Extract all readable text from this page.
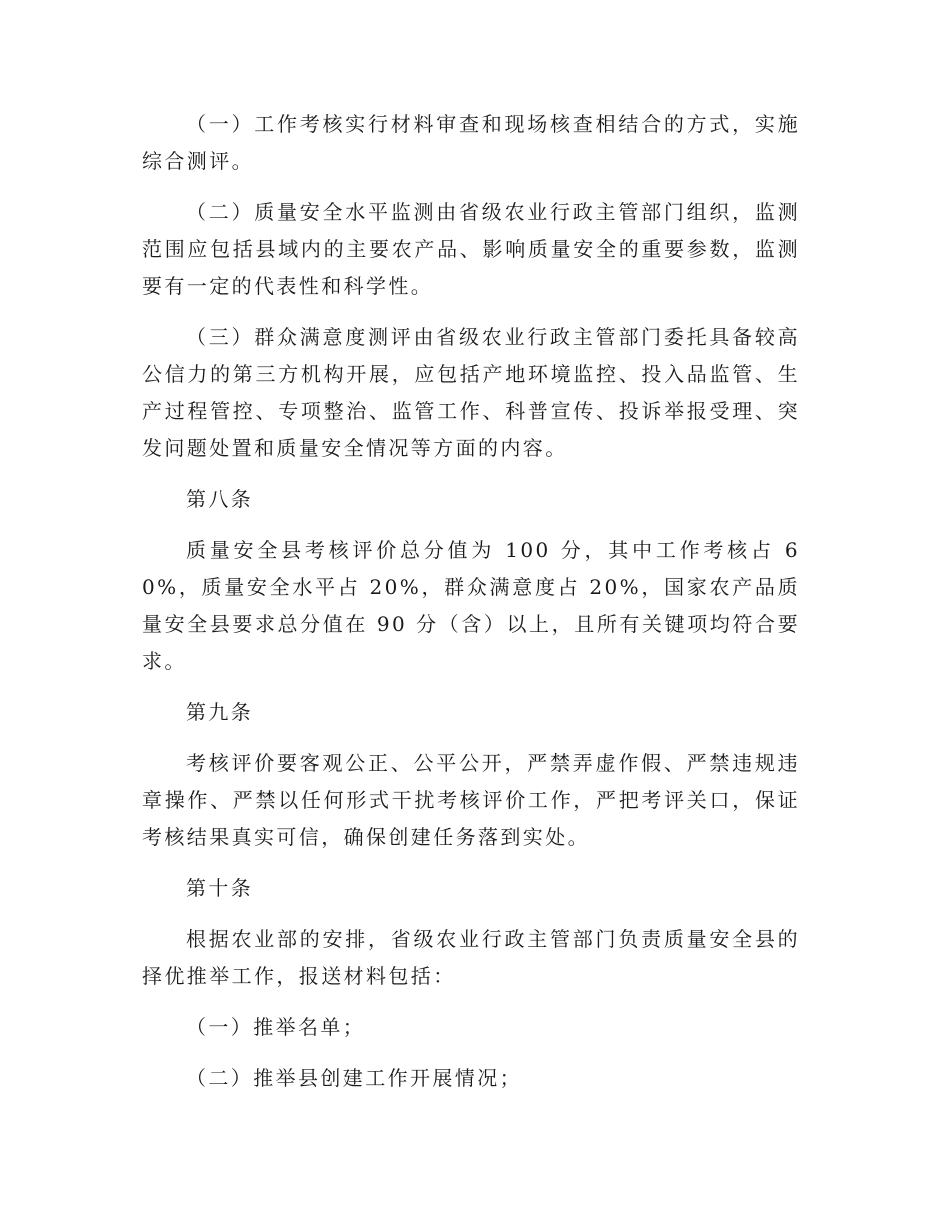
（一）工作考核实行材料审查和现场核查相结合的方式，实施综合测评。

（二）质量安全水平监测由省级农业行政主管部门组织，监测范围应包括县域内的主要农产品、影响质量安全的重要参数，监测要有一定的代表性和科学性。

（三）群众满意度测评由省级农业行政主管部门委托具备较高公信力的第三方机构开展，应包括产地环境监控、投入品监管、生产过程管控、专项整治、监管工作、科普宣传、投诉举报受理、突发问题处置和质量安全情况等方面的内容。

第八条

质量安全县考核评价总分值为 100 分，其中工作考核占 60%，质量安全水平占 20%，群众满意度占 20%，国家农产品质量安全县要求总分值在 90 分（含）以上，且所有关键项均符合要求。

第九条

考核评价要客观公正、公平公开，严禁弄虚作假、严禁违规违章操作、严禁以任何形式干扰考核评价工作，严把考评关口，保证考核结果真实可信，确保创建任务落到实处。

第十条

根据农业部的安排，省级农业行政主管部门负责质量安全县的择优推举工作，报送材料包括：

（一）推举名单；

（二）推举县创建工作开展情况；
